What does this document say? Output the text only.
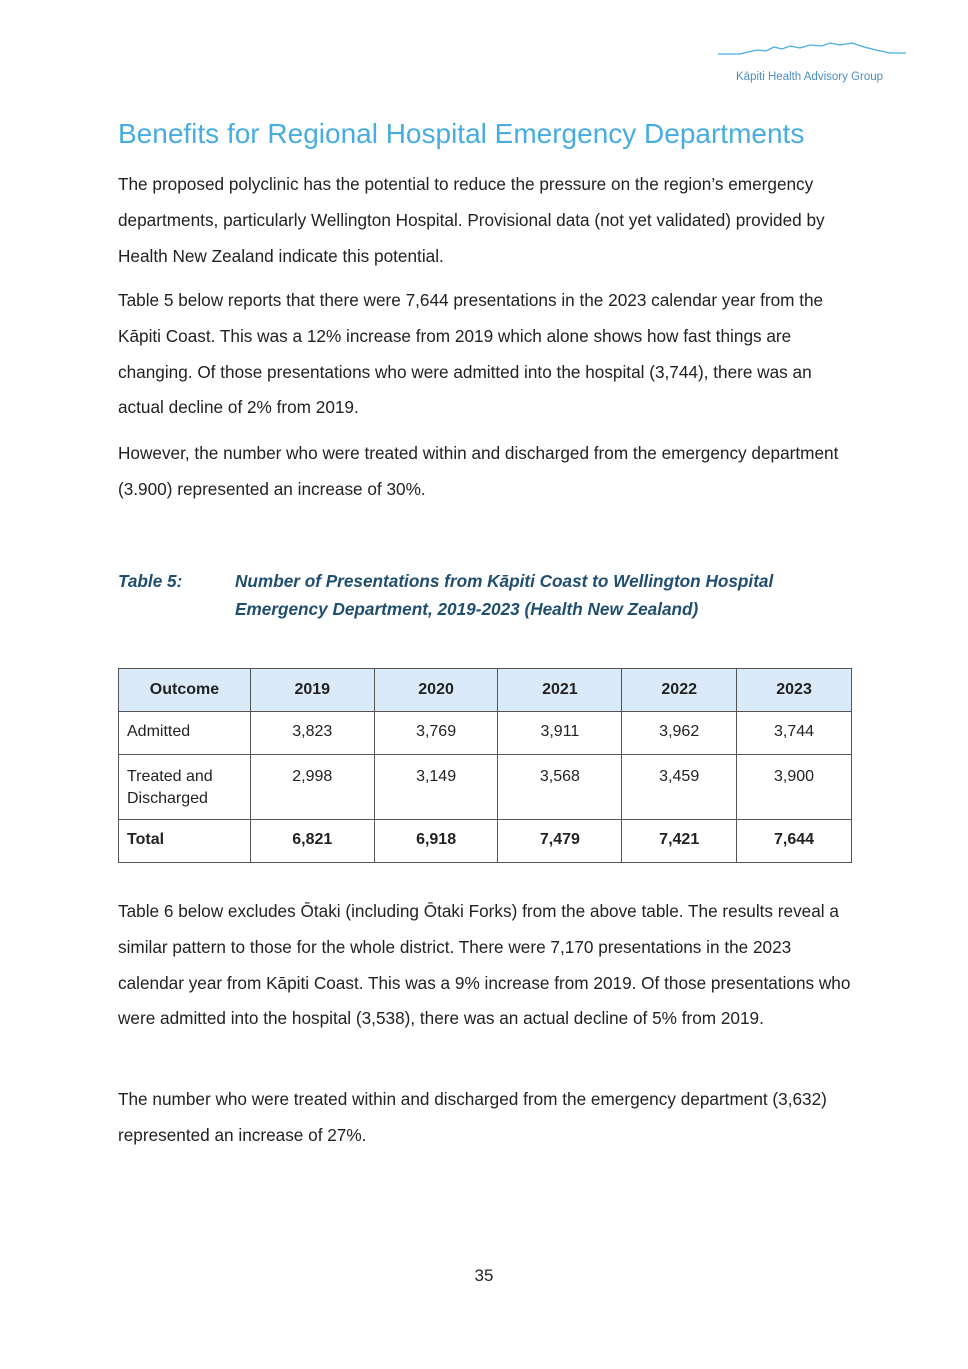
Kāpiti Health Advisory Group
Benefits for Regional Hospital Emergency Departments

The proposed polyclinic has the potential to reduce the pressure on the region’s emergency departments, particularly Wellington Hospital. Provisional data (not yet validated) provided by Health New Zealand indicate this potential.

Table 5 below reports that there were 7,644 presentations in the 2023 calendar year from the Kāpiti Coast. This was a 12% increase from 2019 which alone shows how fast things are changing. Of those presentations who were admitted into the hospital (3,744), there was an actual decline of 2% from 2019.

However, the number who were treated within and discharged from the emergency department (3.900) represented an increase of 30%.

Table 5:	Number of Presentations from Kāpiti Coast to Wellington Hospital Emergency Department, 2019-2023 (Health New Zealand)
Outcome	2019	2020	2021	2022	2023
Admitted	3,823	3,769	3,911	3,962	3,744
Treated and Discharged	2,998	3,149	3,568	3,459	3,900
Total	6,821	6,918	7,479	7,421	7,644

Table 6 below excludes Ōtaki (including Ōtaki Forks) from the above table. The results reveal a similar pattern to those for the whole district. There were 7,170 presentations in the 2023 calendar year from Kāpiti Coast. This was a 9% increase from 2019. Of those presentations who were admitted into the hospital (3,538), there was an actual decline of 5% from 2019.

The number who were treated within and discharged from the emergency department (3,632) represented an increase of 27%.

35
